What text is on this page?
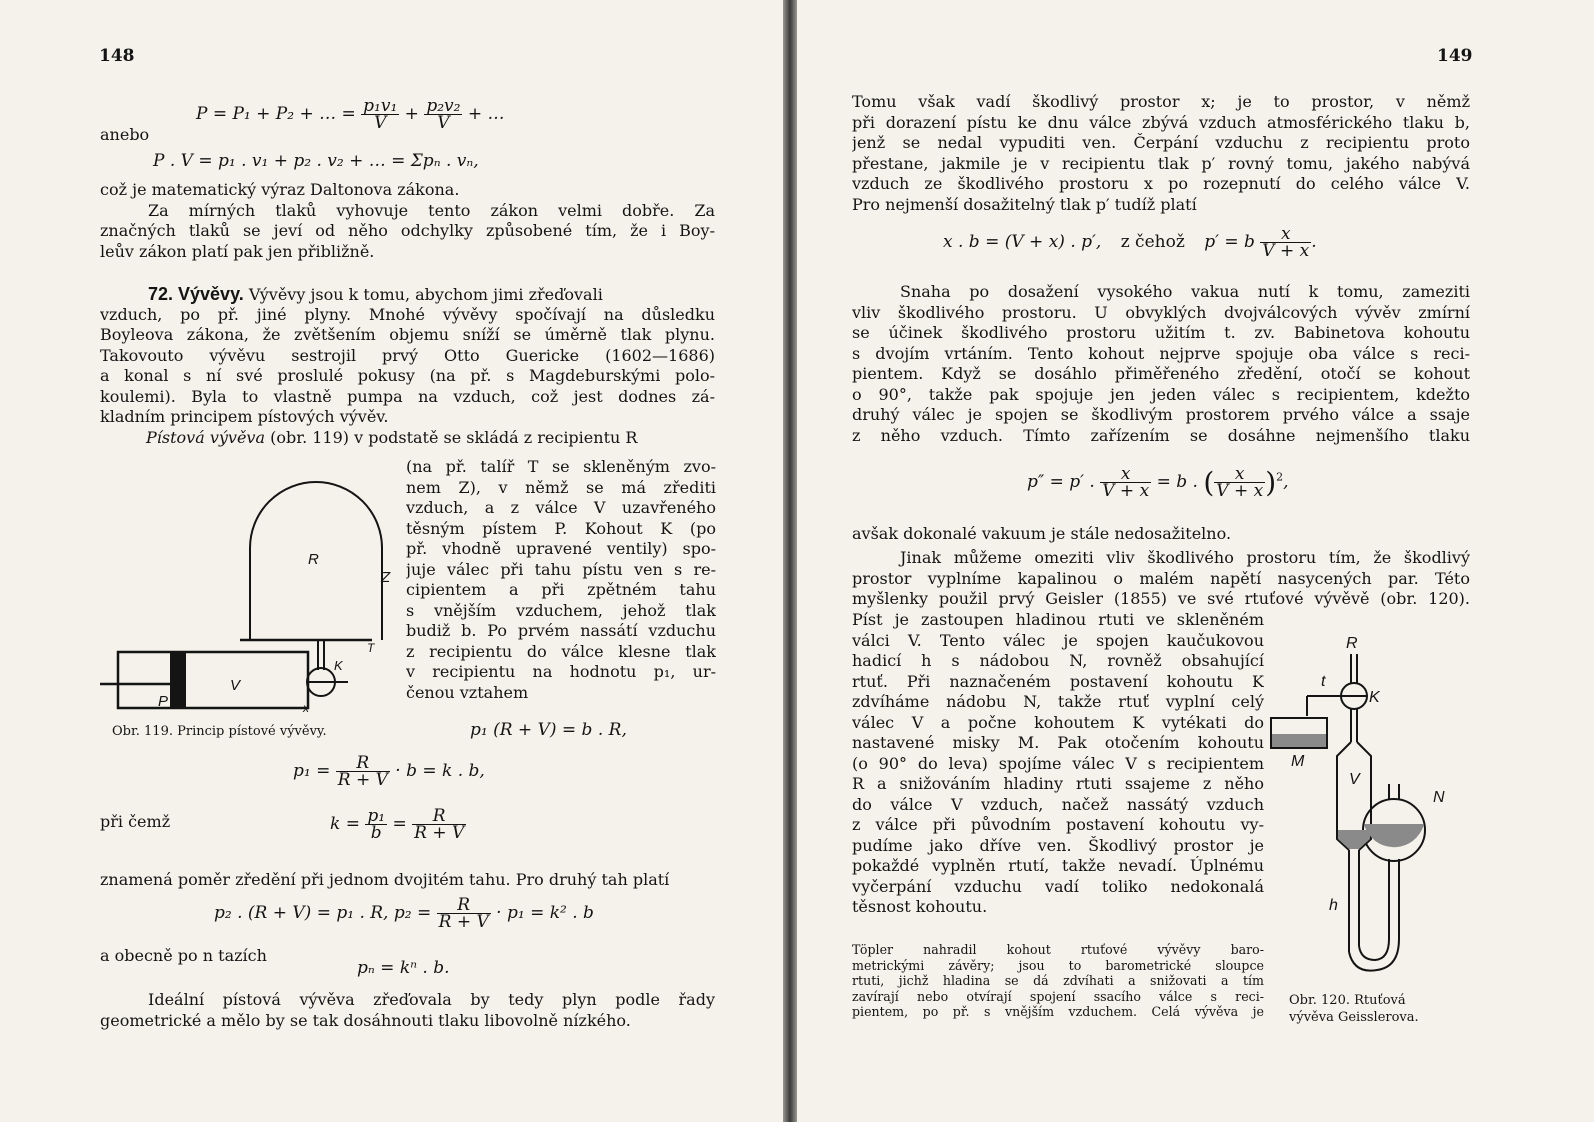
148
anebo
P = P₁ + P₂ + … = $\frac{\text{p₁v₁}}{V} + \frac{\text{p₂v₂}}{V}$ + …
P . V = p₁ . v₁ + p₂ . v₂ + … = Σpₙ . vₙ,
což je matematický výraz Daltonova zákona.
Za mírných tlaků vyhovuje tento zákon velmi dobře. Za
značných tlaků se jeví od něho odchylky způsobené tím, že i Boy-
leův zákon platí pak jen přibližně.
72. Vývěvy. Vývěvy jsou k tomu, abychom jimi zřeďovali
vzduch, po př. jiné plyny. Mnohé vývěvy spočívají na důsledku
Boyleova zákona, že zvětšením objemu sníží se úměrně tlak plynu.
Takovouto vývěvu sestrojil prvý Otto Guericke (1602—1686)
a konal s ní své proslulé pokusy (na př. s Magdeburskými polo-
koulemi). Byla to vlastně pumpa na vzduch, což jest dodnes zá-
kladním principem pístových vývěv.
Pístová vývěva (obr. 119) v podstatě se skládá z recipientu R
(na př. talíř T se skleněným zvo-
nem Z), v němž se má zřediti
vzduch, a z válce V uzavřeného
těsným pístem P. Kohout K (po
př. vhodně upravené ventily) spo-
juje válec při tahu pístu ven s re-
cipientem a při zpětném tahu
s vnějším vzduchem, jehož tlak
budiž b. Po prvém nassátí vzduchu
z recipientu do válce klesne tlak
v recipientu na hodnotu p₁, ur-
čenou vztahem
R
Z
T
V
P
K
x
Obr. 119. Princip pístové vývěvy.	p₁ (R + V) = b . R,
$p_1 = \frac{R}{R + V} \cdot b = k$ . b,
při čemž	$k = \frac{\text{p₁}}{b} = \frac{R}{R + V}$
znamená poměr zředění při jednom dvojitém tahu. Pro druhý tah platí
p₂ . (R + V) = p₁ . R, $p_2 = \frac{R}{R + V} \cdot p_1 = k^2$ . b
a obecně po n tazích
pₙ = kⁿ . b.
Ideální pístová vývěva zřeďovala by tedy plyn podle řady
geometrické a mělo by se tak dosáhnouti tlaku libovolně nízkého.
149
Tomu však vadí škodlivý prostor x; je to prostor, v němž
při dorazení pístu ke dnu válce zbývá vzduch atmosférického tlaku b,
jenž se nedal vypuditi ven. Čerpání vzduchu z recipientu proto
přestane, jakmile je v recipientu tlak p′ rovný tomu, jakého nabývá
vzduch ze škodlivého prostoru x po rozepnutí do celého válce V.
Pro nejmenší dosažitelný tlak p′ tudíž platí
x . b = (V + x) . p′, z čehož p′ = b $\frac{x}{V + x}$ .
Snaha po dosažení vysokého vakua nutí k tomu, zameziti
vliv škodlivého prostoru. U obvyklých dvojválcových vývěv zmírní
se účinek škodlivého prostoru užitím t. zv. Babinetova kohoutu
s dvojím vrtáním. Tento kohout nejprve spojuje oba válce s reci-
pientem. Když se dosáhlo přiměřeného zředění, otočí se kohout
o 90°, takže pak spojuje jen jeden válec s recipientem, kdežto
druhý válec je spojen se škodlivým prostorem prvého válce a ssaje
z něho vzduch. Tímto zařízením se dosáhne nejmenšího tlaku
p″ = p′ . $\frac{x}{V + x} = b$ . ( $\frac{x}{V + x} )^2$,
avšak dokonalé vakuum je stále nedosažitelno.
Jinak můžeme omeziti vliv škodlivého prostoru tím, že škodlivý
prostor vyplníme kapalinou o malém napětí nasycených par. Této
myšlenky použil prvý Geisler (1855) ve své rtuťové vývěvě (obr. 120).
Píst je zastoupen hladinou rtuti ve skleněném
válci V. Tento válec je spojen kaučukovou
hadicí h s nádobou N, rovněž obsahující
rtuť. Při naznačeném postavení kohoutu K
zdvíháme nádobu N, takže rtuť vyplní celý
válec V a počne kohoutem K vytékati do
nastavené misky M. Pak otočením kohoutu
(o 90° do leva) spojíme válec V s recipientem
R a snižováním hladiny rtuti ssajeme z něho
do válce V vzduch, načež nassátý vzduch
z válce při původním postavení kohoutu vy-
pudíme jako dříve ven. Škodlivý prostor je
pokaždé vyplněn rtutí, takže nevadí. Úplnému
vyčerpání vzduchu vadí toliko nedokonalá
těsnost kohoutu.
Töpler nahradil kohout rtuťové vývěvy baro-
metrickými závěry; jsou to barometrické sloupce
rtuti, jichž hladina se dá zdvíhati a snižovati a tím
zavírají nebo otvírají spojení ssacího válce s reci-
pientem, po př. s vnějším vzduchem. Celá vývěva je
R
t
K
M
V
N
h
Obr. 120. Rtuťová
vývěva Geisslerova.
